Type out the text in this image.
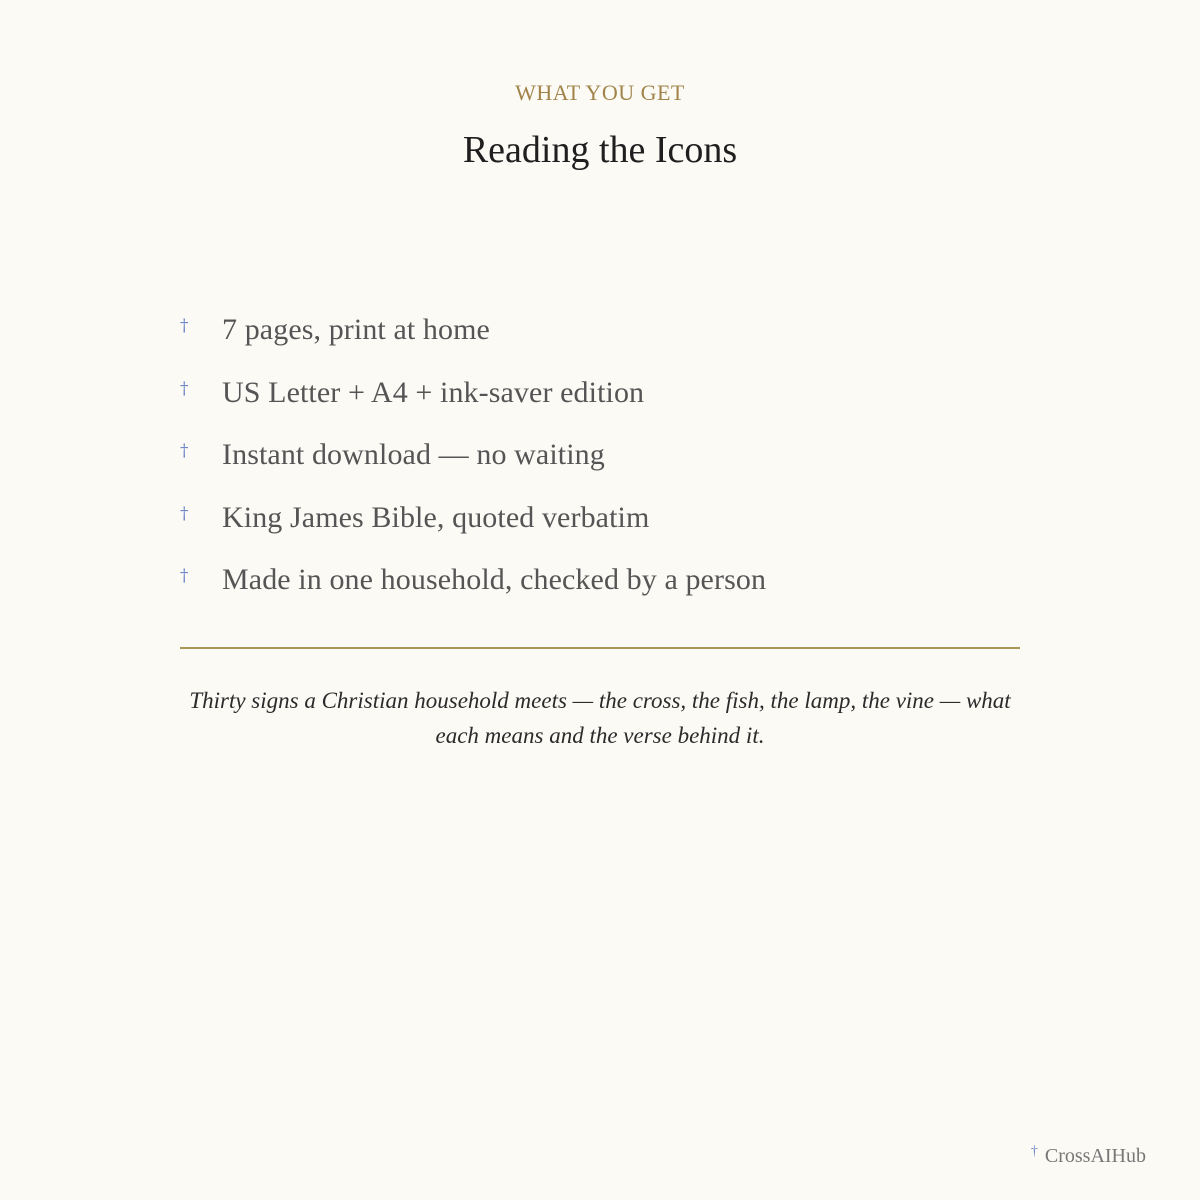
WHAT YOU GET
Reading the Icons
†	7 pages, print at home
†	US Letter + A4 + ink-saver edition
†	Instant download — no waiting
†	King James Bible, quoted verbatim
†	Made in one household, checked by a person
Thirty signs a Christian household meets — the cross, the fish, the lamp, the vine — what each means and the verse behind it.
† CrossAIHub
